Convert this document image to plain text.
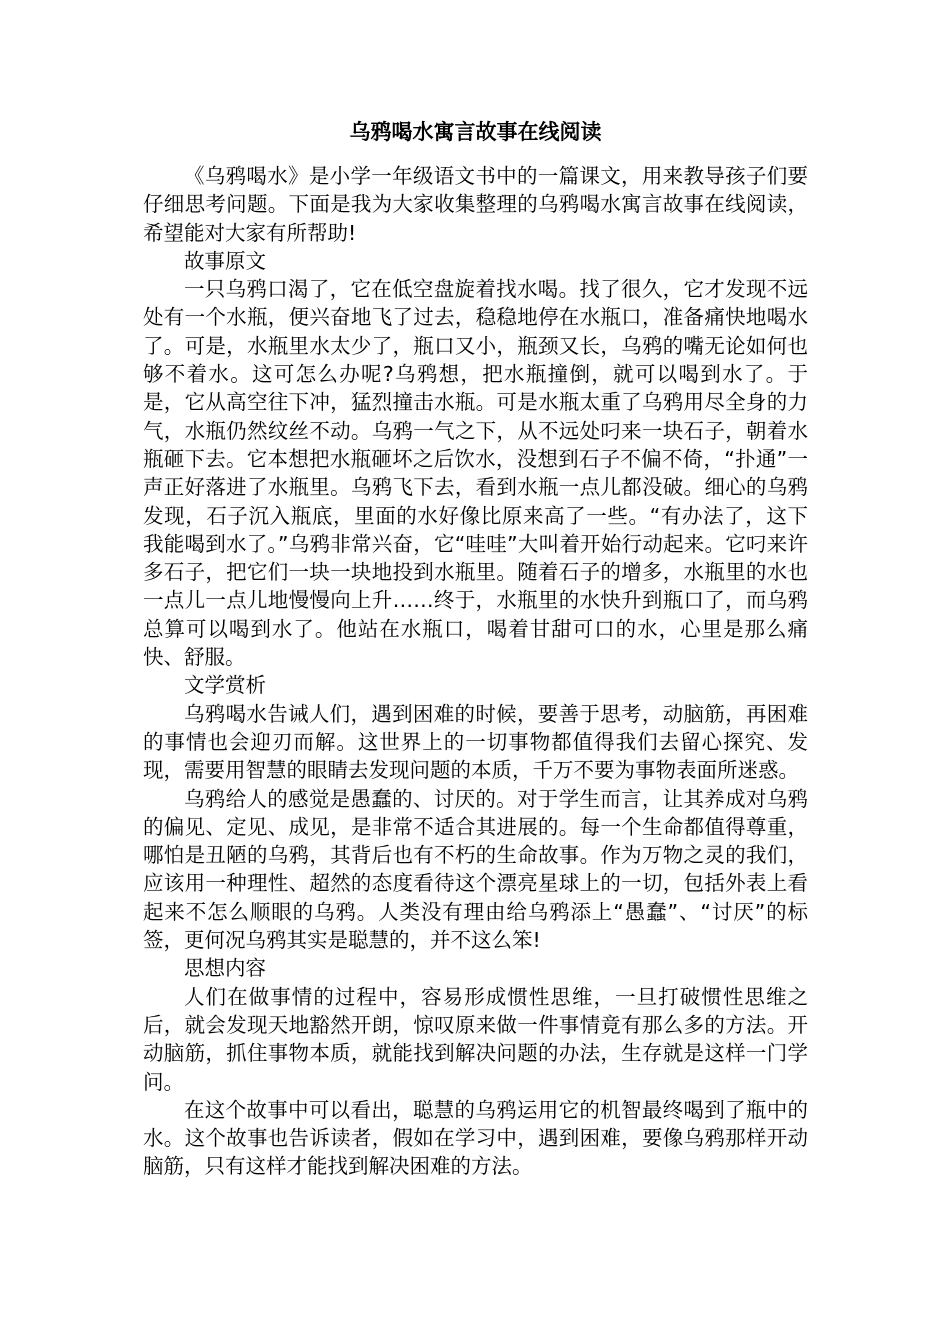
乌鸦喝水寓言故事在线阅读

《乌鸦喝水》是小学一年级语文书中的一篇课文，用来教导孩子们要仔细思考问题。下面是我为大家收集整理的乌鸦喝水寓言故事在线阅读，希望能对大家有所帮助!

故事原文

一只乌鸦口渴了，它在低空盘旋着找水喝。找了很久，它才发现不远处有一个水瓶，便兴奋地飞了过去，稳稳地停在水瓶口，准备痛快地喝水了。可是，水瓶里水太少了，瓶口又小，瓶颈又长，乌鸦的嘴无论如何也够不着水。这可怎么办呢?乌鸦想，把水瓶撞倒，就可以喝到水了。于是，它从高空往下冲，猛烈撞击水瓶。可是水瓶太重了乌鸦用尽全身的力气，水瓶仍然纹丝不动。乌鸦一气之下，从不远处叼来一块石子，朝着水瓶砸下去。它本想把水瓶砸坏之后饮水，没想到石子不偏不倚，“扑通”一声正好落进了水瓶里。乌鸦飞下去，看到水瓶一点儿都没破。细心的乌鸦发现，石子沉入瓶底，里面的水好像比原来高了一些。“有办法了，这下我能喝到水了。”乌鸦非常兴奋，它“哇哇”大叫着开始行动起来。它叼来许多石子，把它们一块一块地投到水瓶里。随着石子的增多，水瓶里的水也一点儿一点儿地慢慢向上升……终于，水瓶里的水快升到瓶口了，而乌鸦总算可以喝到水了。他站在水瓶口，喝着甘甜可口的水，心里是那么痛快、舒服。

文学赏析

乌鸦喝水告诫人们，遇到困难的时候，要善于思考，动脑筋，再困难的事情也会迎刃而解。这世界上的一切事物都值得我们去留心探究、发现，需要用智慧的眼睛去发现问题的本质，千万不要为事物表面所迷惑。

乌鸦给人的感觉是愚蠢的、讨厌的。对于学生而言，让其养成对乌鸦的偏见、定见、成见，是非常不适合其进展的。每一个生命都值得尊重，哪怕是丑陋的乌鸦，其背后也有不朽的生命故事。作为万物之灵的我们，应该用一种理性、超然的态度看待这个漂亮星球上的一切，包括外表上看起来不怎么顺眼的乌鸦。人类没有理由给乌鸦添上“愚蠢”、“讨厌”的标签，更何况乌鸦其实是聪慧的，并不这么笨!

思想内容

人们在做事情的过程中，容易形成惯性思维，一旦打破惯性思维之后，就会发现天地豁然开朗，惊叹原来做一件事情竟有那么多的方法。开动脑筋，抓住事物本质，就能找到解决问题的办法，生存就是这样一门学问。

在这个故事中可以看出，聪慧的乌鸦运用它的机智最终喝到了瓶中的水。这个故事也告诉读者，假如在学习中，遇到困难，要像乌鸦那样开动脑筋，只有这样才能找到解决困难的方法。
